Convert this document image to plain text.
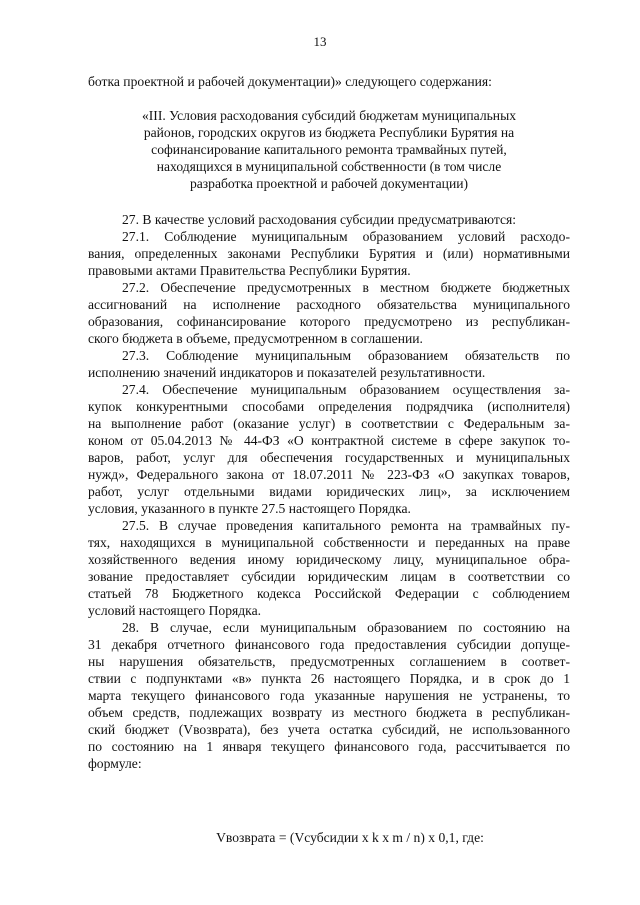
13
ботка проектной и рабочей документации)» следующего содержания:
«III. Условия расходования субсидий бюджетам муниципальных
районов, городских округов из бюджета Республики Бурятия на
софинансирование капитального ремонта трамвайных путей,
находящихся в муниципальной собственности (в том числе
разработка проектной и рабочей документации)
27. В качестве условий расходования субсидии предусматриваются:
27.1. Соблюдение муниципальным образованием условий расходо-
вания, определенных законами Республики Бурятия и (или) нормативными
правовыми актами Правительства Республики Бурятия.
27.2. Обеспечение предусмотренных в местном бюджете бюджетных
ассигнований на исполнение расходного обязательства муниципального
образования, софинансирование которого предусмотрено из республикан-
ского бюджета в объеме, предусмотренном в соглашении.
27.3. Соблюдение муниципальным образованием обязательств по
исполнению значений индикаторов и показателей результативности.
27.4. Обеспечение муниципальным образованием осуществления за-
купок конкурентными способами определения подрядчика (исполнителя)
на выполнение работ (оказание услуг) в соответствии с Федеральным за-
коном от 05.04.2013 № 44-ФЗ «О контрактной системе в сфере закупок то-
варов, работ, услуг для обеспечения государственных и муниципальных
нужд», Федерального закона от 18.07.2011 № 223-ФЗ «О закупках товаров,
работ, услуг отдельными видами юридических лиц», за исключением
условия, указанного в пункте 27.5 настоящего Порядка.
27.5. В случае проведения капитального ремонта на трамвайных пу-
тях, находящихся в муниципальной собственности и переданных на праве
хозяйственного ведения иному юридическому лицу, муниципальное обра-
зование предоставляет субсидии юридическим лицам в соответствии со
статьей 78 Бюджетного кодекса Российской Федерации с соблюдением
условий настоящего Порядка.
28. В случае, если муниципальным образованием по состоянию на
31 декабря отчетного финансового года предоставления субсидии допуще-
ны нарушения обязательств, предусмотренных соглашением в соответ-
ствии с подпунктами «в» пункта 26 настоящего Порядка, и в срок до 1
марта текущего финансового года указанные нарушения не устранены, то
объем средств, подлежащих возврату из местного бюджета в республикан-
ский бюджет (Vвозврата), без учета остатка субсидий, не использованного
по состоянию на 1 января текущего финансового года, рассчитывается по
формуле:
Vвозврата = (Vсубсидии x k x m / n) x 0,1, где:
